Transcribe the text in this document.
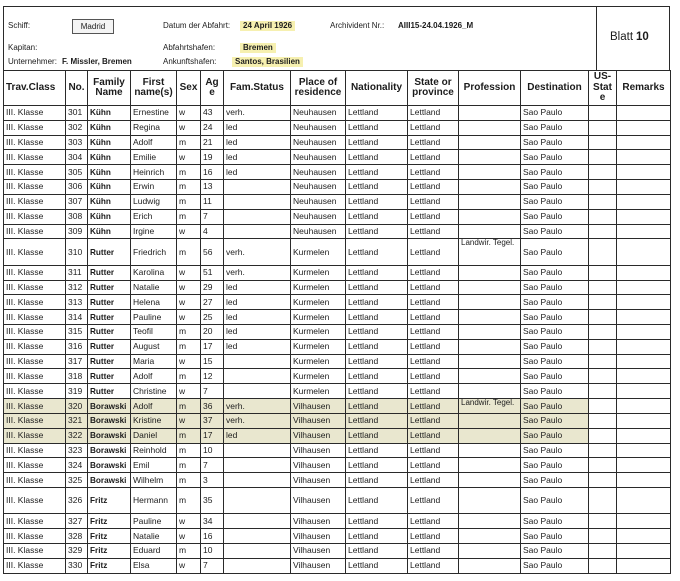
Schiff:	Madrid	Datum der Abfahrt:	24 April 1926	Archivident Nr.: AIII15-24.04.1926_M
Blatt 10
Kapitan:	Abfahrtshafen:	Bremen
Unternehmer: F. Missler, Bremen	Ankunftshafen:	Santos, Brasilien
Trav.Class	No.	Family Name	First name(s)	Sex	Age	Fam.Status	Place of residence	Nationality	State or province	Profession	Destination	US-State	Remarks
III. Klasse	301	Kühn	Ernestine	w	43	verh.	Neuhausen	Lettland	Lettland		Sao Paulo		
III. Klasse	302	Kühn	Regina	w	24	led	Neuhausen	Lettland	Lettland		Sao Paulo		
III. Klasse	303	Kühn	Adolf	m	21	led	Neuhausen	Lettland	Lettland		Sao Paulo		
III. Klasse	304	Kühn	Emilie	w	19	led	Neuhausen	Lettland	Lettland		Sao Paulo		
III. Klasse	305	Kühn	Heinrich	m	16	led	Neuhausen	Lettland	Lettland		Sao Paulo		
III. Klasse	306	Kühn	Erwin	m	13		Neuhausen	Lettland	Lettland		Sao Paulo		
III. Klasse	307	Kühn	Ludwig	m	11		Neuhausen	Lettland	Lettland		Sao Paulo		
III. Klasse	308	Kühn	Erich	m	7		Neuhausen	Lettland	Lettland		Sao Paulo		
III. Klasse	309	Kühn	Irgine	w	4		Neuhausen	Lettland	Lettland		Sao Paulo		
III. Klasse	310	Rutter	Friedrich	m	56	verh.	Kurmelen	Lettland	Lettland	Landwir. Tegel.	Sao Paulo		
III. Klasse	311	Rutter	Karolina	w	51	verh.	Kurmelen	Lettland	Lettland		Sao Paulo		
III. Klasse	312	Rutter	Natalie	w	29	led	Kurmelen	Lettland	Lettland		Sao Paulo		
III. Klasse	313	Rutter	Helena	w	27	led	Kurmelen	Lettland	Lettland		Sao Paulo		
III. Klasse	314	Rutter	Pauline	w	25	led	Kurmelen	Lettland	Lettland		Sao Paulo		
III. Klasse	315	Rutter	Teofil	m	20	led	Kurmelen	Lettland	Lettland		Sao Paulo		
III. Klasse	316	Rutter	August	m	17	led	Kurmelen	Lettland	Lettland		Sao Paulo		
III. Klasse	317	Rutter	Maria	w	15		Kurmelen	Lettland	Lettland		Sao Paulo		
III. Klasse	318	Rutter	Adolf	m	12		Kurmelen	Lettland	Lettland		Sao Paulo		
III. Klasse	319	Rutter	Christine	w	7		Kurmelen	Lettland	Lettland		Sao Paulo		
III. Klasse	320	Borawski	Adolf	m	36	verh.	Vilhausen	Lettland	Lettland	Landwir. Tegel.	Sao Paulo		
III. Klasse	321	Borawski	Kristine	w	37	verh.	Vilhausen	Lettland	Lettland		Sao Paulo		
III. Klasse	322	Borawski	Daniel	m	17	led	Vilhausen	Lettland	Lettland		Sao Paulo		
III. Klasse	323	Borawski	Reinhold	m	10		Vilhausen	Lettland	Lettland		Sao Paulo		
III. Klasse	324	Borawski	Emil	m	7		Vilhausen	Lettland	Lettland		Sao Paulo		
III. Klasse	325	Borawski	Wilhelm	m	3		Vilhausen	Lettland	Lettland		Sao Paulo		
III. Klasse	326	Fritz	Hermann	m	35		Vilhausen	Lettland	Lettland		Sao Paulo		
III. Klasse	327	Fritz	Pauline	w	34		Vilhausen	Lettland	Lettland		Sao Paulo		
III. Klasse	328	Fritz	Natalie	w	16		Vilhausen	Lettland	Lettland		Sao Paulo		
III. Klasse	329	Fritz	Eduard	m	10		Vilhausen	Lettland	Lettland		Sao Paulo		
III. Klasse	330	Fritz	Elsa	w	7		Vilhausen	Lettland	Lettland		Sao Paulo		
